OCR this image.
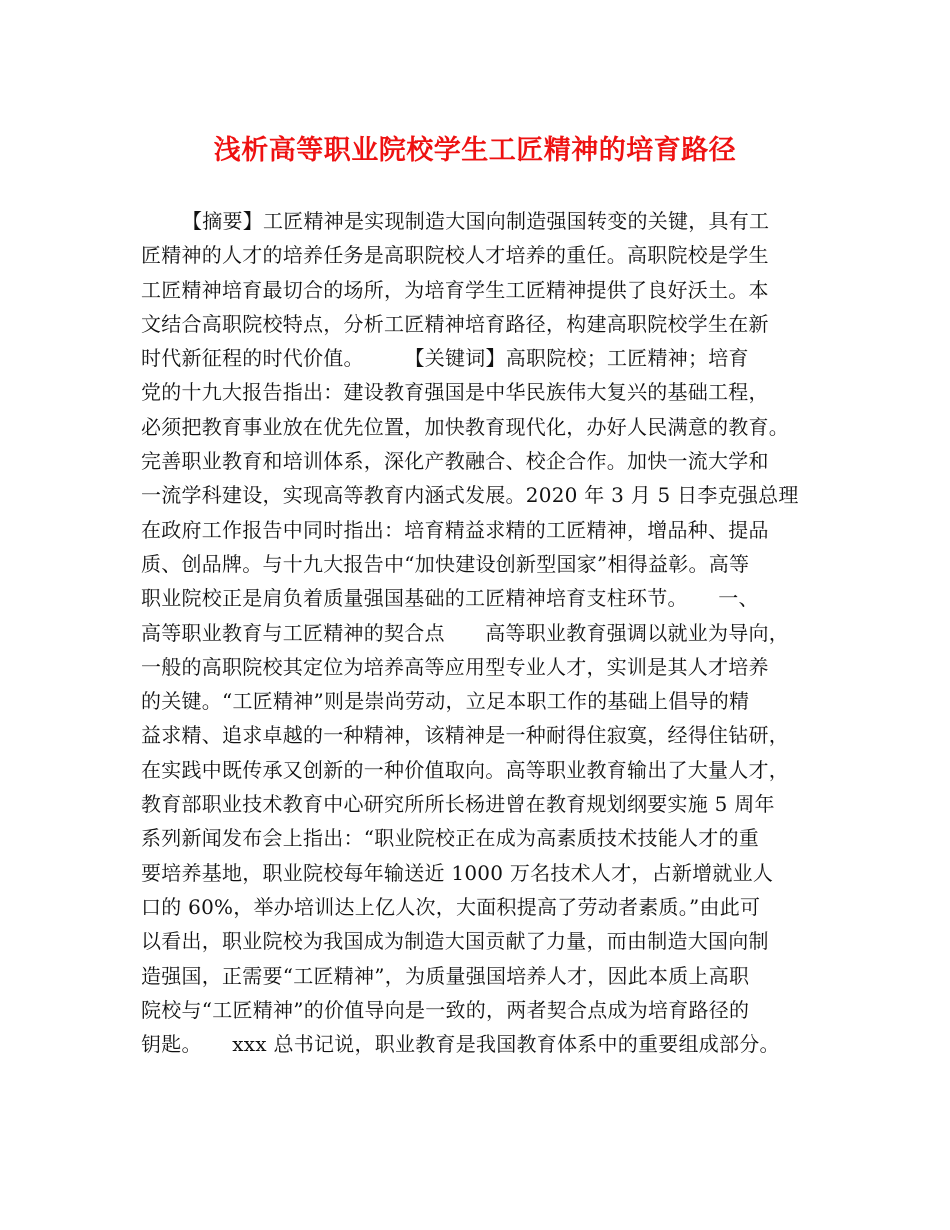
浅析高等职业院校学生工匠精神的培育路径
【摘要】工匠精神是实现制造大国向制造强国转变的关键，具有工
匠精神的人才的培养任务是高职院校人才培养的重任。高职院校是学生
工匠精神培育最切合的场所，为培育学生工匠精神提供了良好沃土。本
文结合高职院校特点，分析工匠精神培育路径，构建高职院校学生在新
时代新征程的时代价值。　　　【关键词】高职院校；工匠精神；培育
党的十九大报告指出：建设教育强国是中华民族伟大复兴的基础工程，
必须把教育事业放在优先位置，加快教育现代化，办好人民满意的教育。
完善职业教育和培训体系，深化产教融合、校企合作。加快一流大学和
一流学科建设，实现高等教育内涵式发展。2020 年 3 月 5 日李克强总理
在政府工作报告中同时指出：培育精益求精的工匠精神，增品种、提品
质、创品牌。与十九大报告中“加快建设创新型国家”相得益彰。高等
职业院校正是肩负着质量强国基础的工匠精神培育支柱环节。　　一、
高等职业教育与工匠精神的契合点　　高等职业教育强调以就业为导向，
一般的高职院校其定位为培养高等应用型专业人才，实训是其人才培养
的关键。“工匠精神”则是崇尚劳动，立足本职工作的基础上倡导的精
益求精、追求卓越的一种精神，该精神是一种耐得住寂寞，经得住钻研，
在实践中既传承又创新的一种价值取向。高等职业教育输出了大量人才，
教育部职业技术教育中心研究所所长杨进曾在教育规划纲要实施 5 周年
系列新闻发布会上指出：“职业院校正在成为高素质技术技能人才的重
要培养基地，职业院校每年输送近 1000 万名技术人才，占新增就业人
口的 60%，举办培训达上亿人次，大面积提高了劳动者素质。”由此可
以看出，职业院校为我国成为制造大国贡献了力量，而由制造大国向制
造强国，正需要“工匠精神”，为质量强国培养人才，因此本质上高职
院校与“工匠精神”的价值导向是一致的，两者契合点成为培育路径的
钥匙。　　xxx 总书记说，职业教育是我国教育体系中的重要组成部分。
